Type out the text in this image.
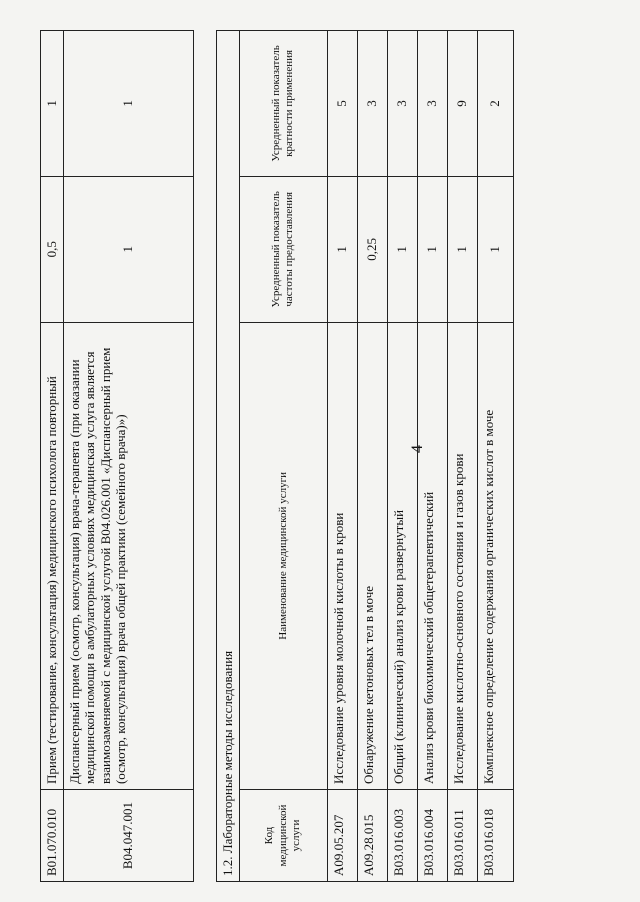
4
B01.070.010	Прием (тестирование, консультация) медицинского психолога повторный	0,5	1
B04.047.001	Диспансерный прием (осмотр, консультация) врача-терапевта (при оказании медицинской помощи в амбулаторных условиях медицинская услуга является взаимозаменяемой с медицинской услугой B04.026.001 «Диспансерный прием (осмотр, консультация) врача общей практики (семейного врача)»)	1	1
1.2. Лабораторные методы исследования			
Код медицинской услуги	Наименование медицинской услуги	Усредненный показатель частоты предоставления	Усредненный показатель кратности применения
A09.05.207	Исследование уровня молочной кислоты в крови	1	5
A09.28.015	Обнаружение кетоновых тел в моче	0,25	3
B03.016.003	Общий (клинический) анализ крови развернутый	1	3
B03.016.004	Анализ крови биохимический общетерапевтический	1	3
B03.016.011	Исследование кислотно-основного состояния и газов крови	1	9
B03.016.018	Комплексное определение содержания органических кислот в моче	1	2
